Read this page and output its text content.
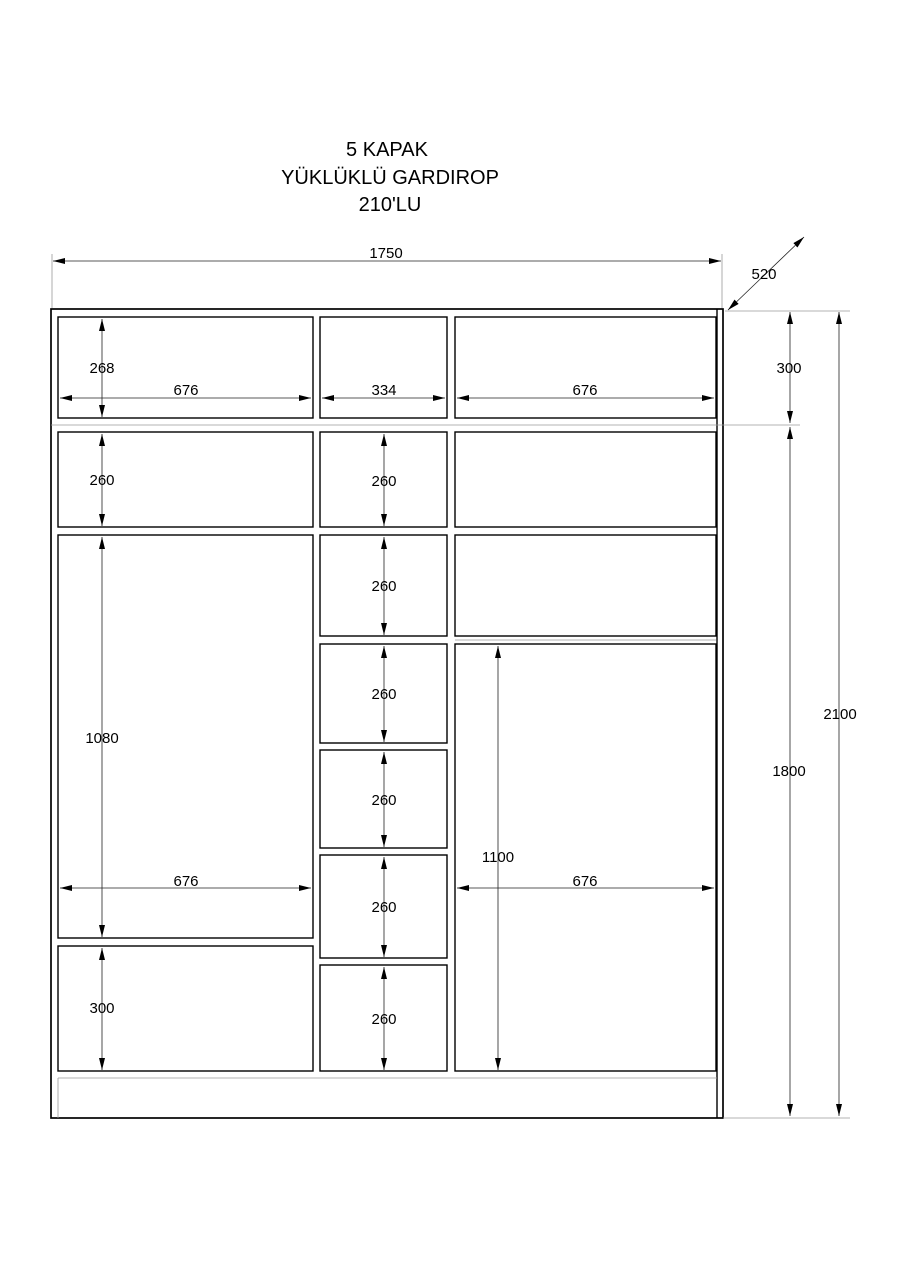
5 KAPAK
YÜKLÜKLÜ GARDIROP
210'LU
1750
520
268
676	334	676
260
1080
676
300
260
260
260
260
260
260
1100
676
300
1800
2100
